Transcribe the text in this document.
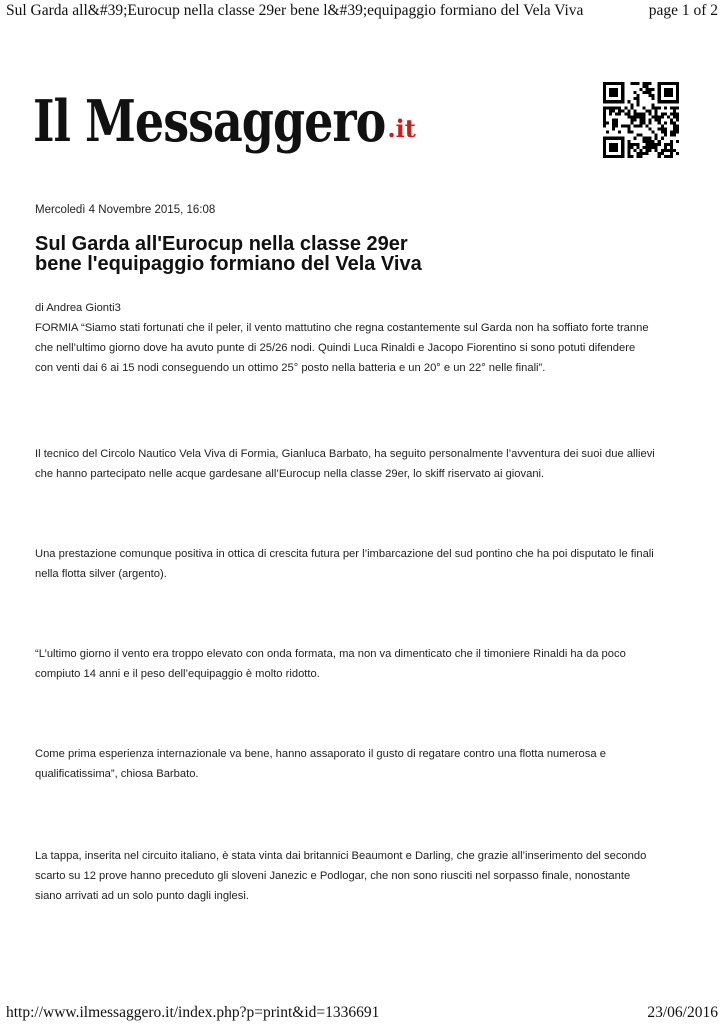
Sul Garda all&#39;Eurocup nella classe 29er bene l&#39;equipaggio formiano del Vela Viva	page 1 of 2
Il Messaggero .it
Mercoledì 4 Novembre 2015, 16:08
Sul Garda all'Eurocup nella classe 29er
bene l'equipaggio formiano del Vela Viva
di Andrea Gionti3

FORMIA “Siamo stati fortunati che il peler, il vento mattutino che regna costantemente sul Garda non ha soffiato forte tranne
che nell’ultimo giorno dove ha avuto punte di 25/26 nodi. Quindi Luca Rinaldi e Jacopo Fiorentino si sono potuti difendere
con venti dai 6 ai 15 nodi conseguendo un ottimo 25° posto nella batteria e un 20° e un 22° nelle finali”.

Il tecnico del Circolo Nautico Vela Viva di Formia, Gianluca Barbato, ha seguito personalmente l’avventura dei suoi due allievi
che hanno partecipato nelle acque gardesane all’Eurocup nella classe 29er, lo skiff riservato ai giovani.

Una prestazione comunque positiva in ottica di crescita futura per l’imbarcazione del sud pontino che ha poi disputato le finali
nella flotta silver (argento).

“L’ultimo giorno il vento era troppo elevato con onda formata, ma non va dimenticato che il timoniere Rinaldi ha da poco
compiuto 14 anni e il peso dell’equipaggio è molto ridotto.

Come prima esperienza internazionale va bene, hanno assaporato il gusto di regatare contro una flotta numerosa e
qualificatissima”, chiosa Barbato.

La tappa, inserita nel circuito italiano, è stata vinta dai britannici Beaumont e Darling, che grazie all’inserimento del secondo
scarto su 12 prove hanno preceduto gli sloveni Janezic e Podlogar, che non sono riusciti nel sorpasso finale, nonostante
siano arrivati ad un solo punto dagli inglesi.

http://www.ilmessaggero.it/index.php?p=print&id=1336691	23/06/2016
